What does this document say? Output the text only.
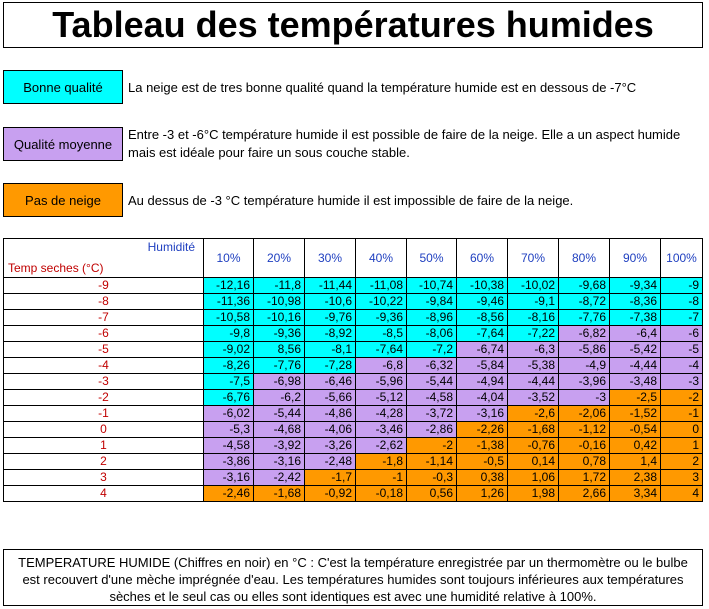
Tableau des températures humides
Bonne qualité	La neige est de tres bonne qualité quand la température humide est en dessous de -7°C
Qualité moyenne
Entre -3 et -6°C température humide il est possible de faire de la neige. Elle a un aspect humide mais est idéale pour faire un sous couche stable.
Pas de neige	Au dessus de -3 °C température humide il est impossible de faire de la neige.
Humidité
Temp seches (°C)	10%	20%	30%	40%	50%	60%	70%	80%	90%	100%
-9	-12,16	-11,8	-11,44	-11,08	-10,74	-10,38	-10,02	-9,68	-9,34	-9
-8	-11,36	-10,98	-10,6	-10,22	-9,84	-9,46	-9,1	-8,72	-8,36	-8
-7	-10,58	-10,16	-9,76	-9,36	-8,96	-8,56	-8,16	-7,76	-7,38	-7
-6	-9,8	-9,36	-8,92	-8,5	-8,06	-7,64	-7,22	-6,82	-6,4	-6
-5	-9,02	8,56	-8,1	-7,64	-7,2	-6,74	-6,3	-5,86	-5,42	-5
-4	-8,26	-7,76	-7,28	-6,8	-6,32	-5,84	-5,38	-4,9	-4,44	-4
-3	-7,5	-6,98	-6,46	-5,96	-5,44	-4,94	-4,44	-3,96	-3,48	-3
-2	-6,76	-6,2	-5,66	-5,12	-4,58	-4,04	-3,52	-3	-2,5	-2
-1	-6,02	-5,44	-4,86	-4,28	-3,72	-3,16	-2,6	-2,06	-1,52	-1
0	-5,3	-4,68	-4,06	-3,46	-2,86	-2,26	-1,68	-1,12	-0,54	0
1	-4,58	-3,92	-3,26	-2,62	-2	-1,38	-0,76	-0,16	0,42	1
2	-3,86	-3,16	-2,48	-1,8	-1,14	-0,5	0,14	0,78	1,4	2
3	-3,16	-2,42	-1,7	-1	-0,3	0,38	1,06	1,72	2,38	3
4	-2,46	-1,68	-0,92	-0,18	0,56	1,26	1,98	2,66	3,34	4
TEMPERATURE HUMIDE (Chiffres en noir) en °C : C'est la température enregistrée par un thermomètre ou le bulbe est recouvert d'une mèche imprégnée d'eau. Les températures humides sont toujours inférieures aux températures sèches et le seul cas ou elles sont identiques est avec une humidité relative à 100%.
